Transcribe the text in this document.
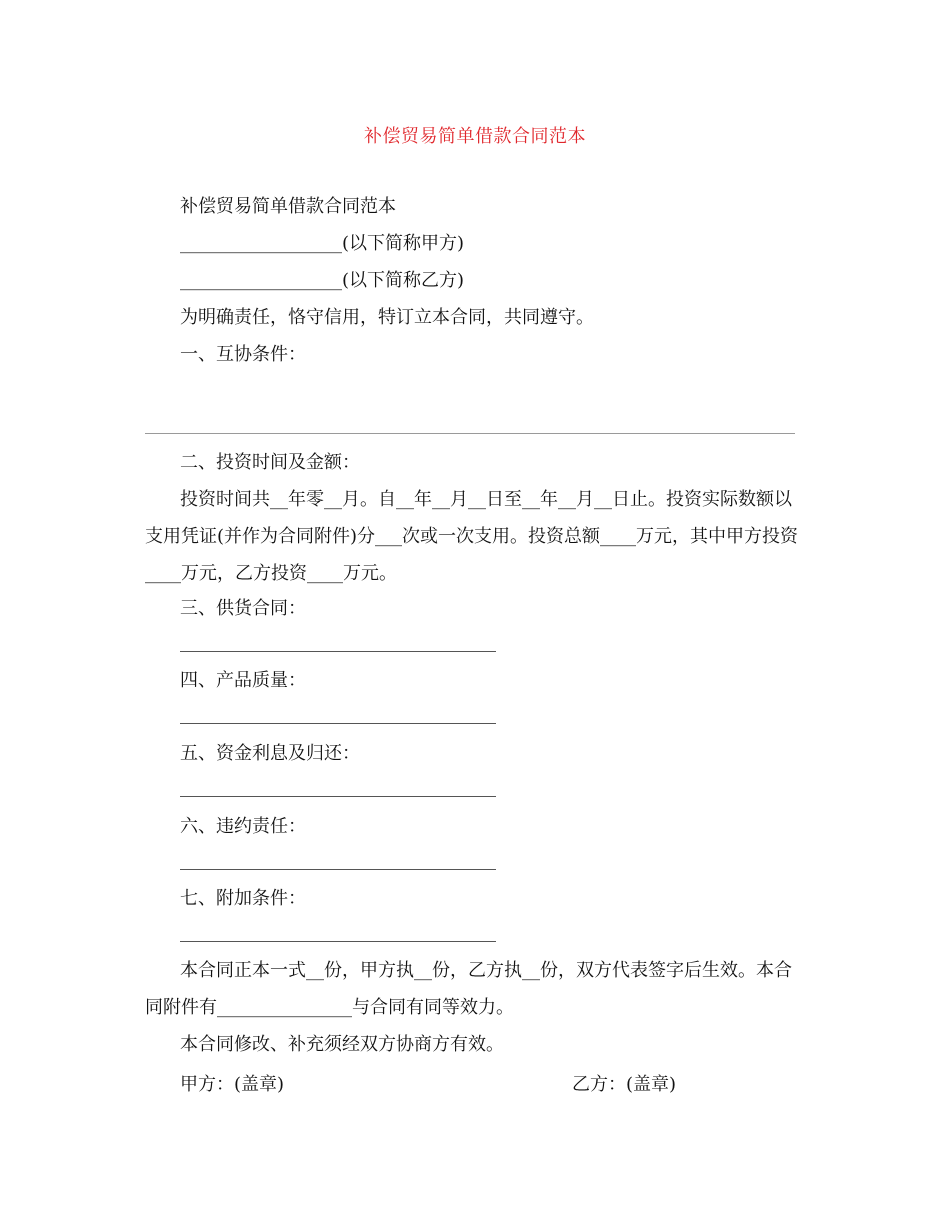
补偿贸易简单借款合同范本
补偿贸易简单借款合同范本
__________________(以下简称甲方)
__________________(以下简称乙方)
为明确责任，恪守信用，特订立本合同，共同遵守。
一、互协条件：
二、投资时间及金额：
投资时间共__年零__月。自__年__月__日至__年__月__日止。投资实际数额以支用凭证(并作为合同附件)分___次或一次支用。投资总额____万元，其中甲方投资____万元，乙方投资____万元。
三、供货合同：
四、产品质量：
五、资金利息及归还：
六、违约责任：
七、附加条件：
本合同正本一式__份，甲方执__份，乙方执__份，双方代表签字后生效。本合同附件有_______________与合同有同等效力。
本合同修改、补充须经双方协商方有效。
甲方：(盖章)	乙方：(盖章)
